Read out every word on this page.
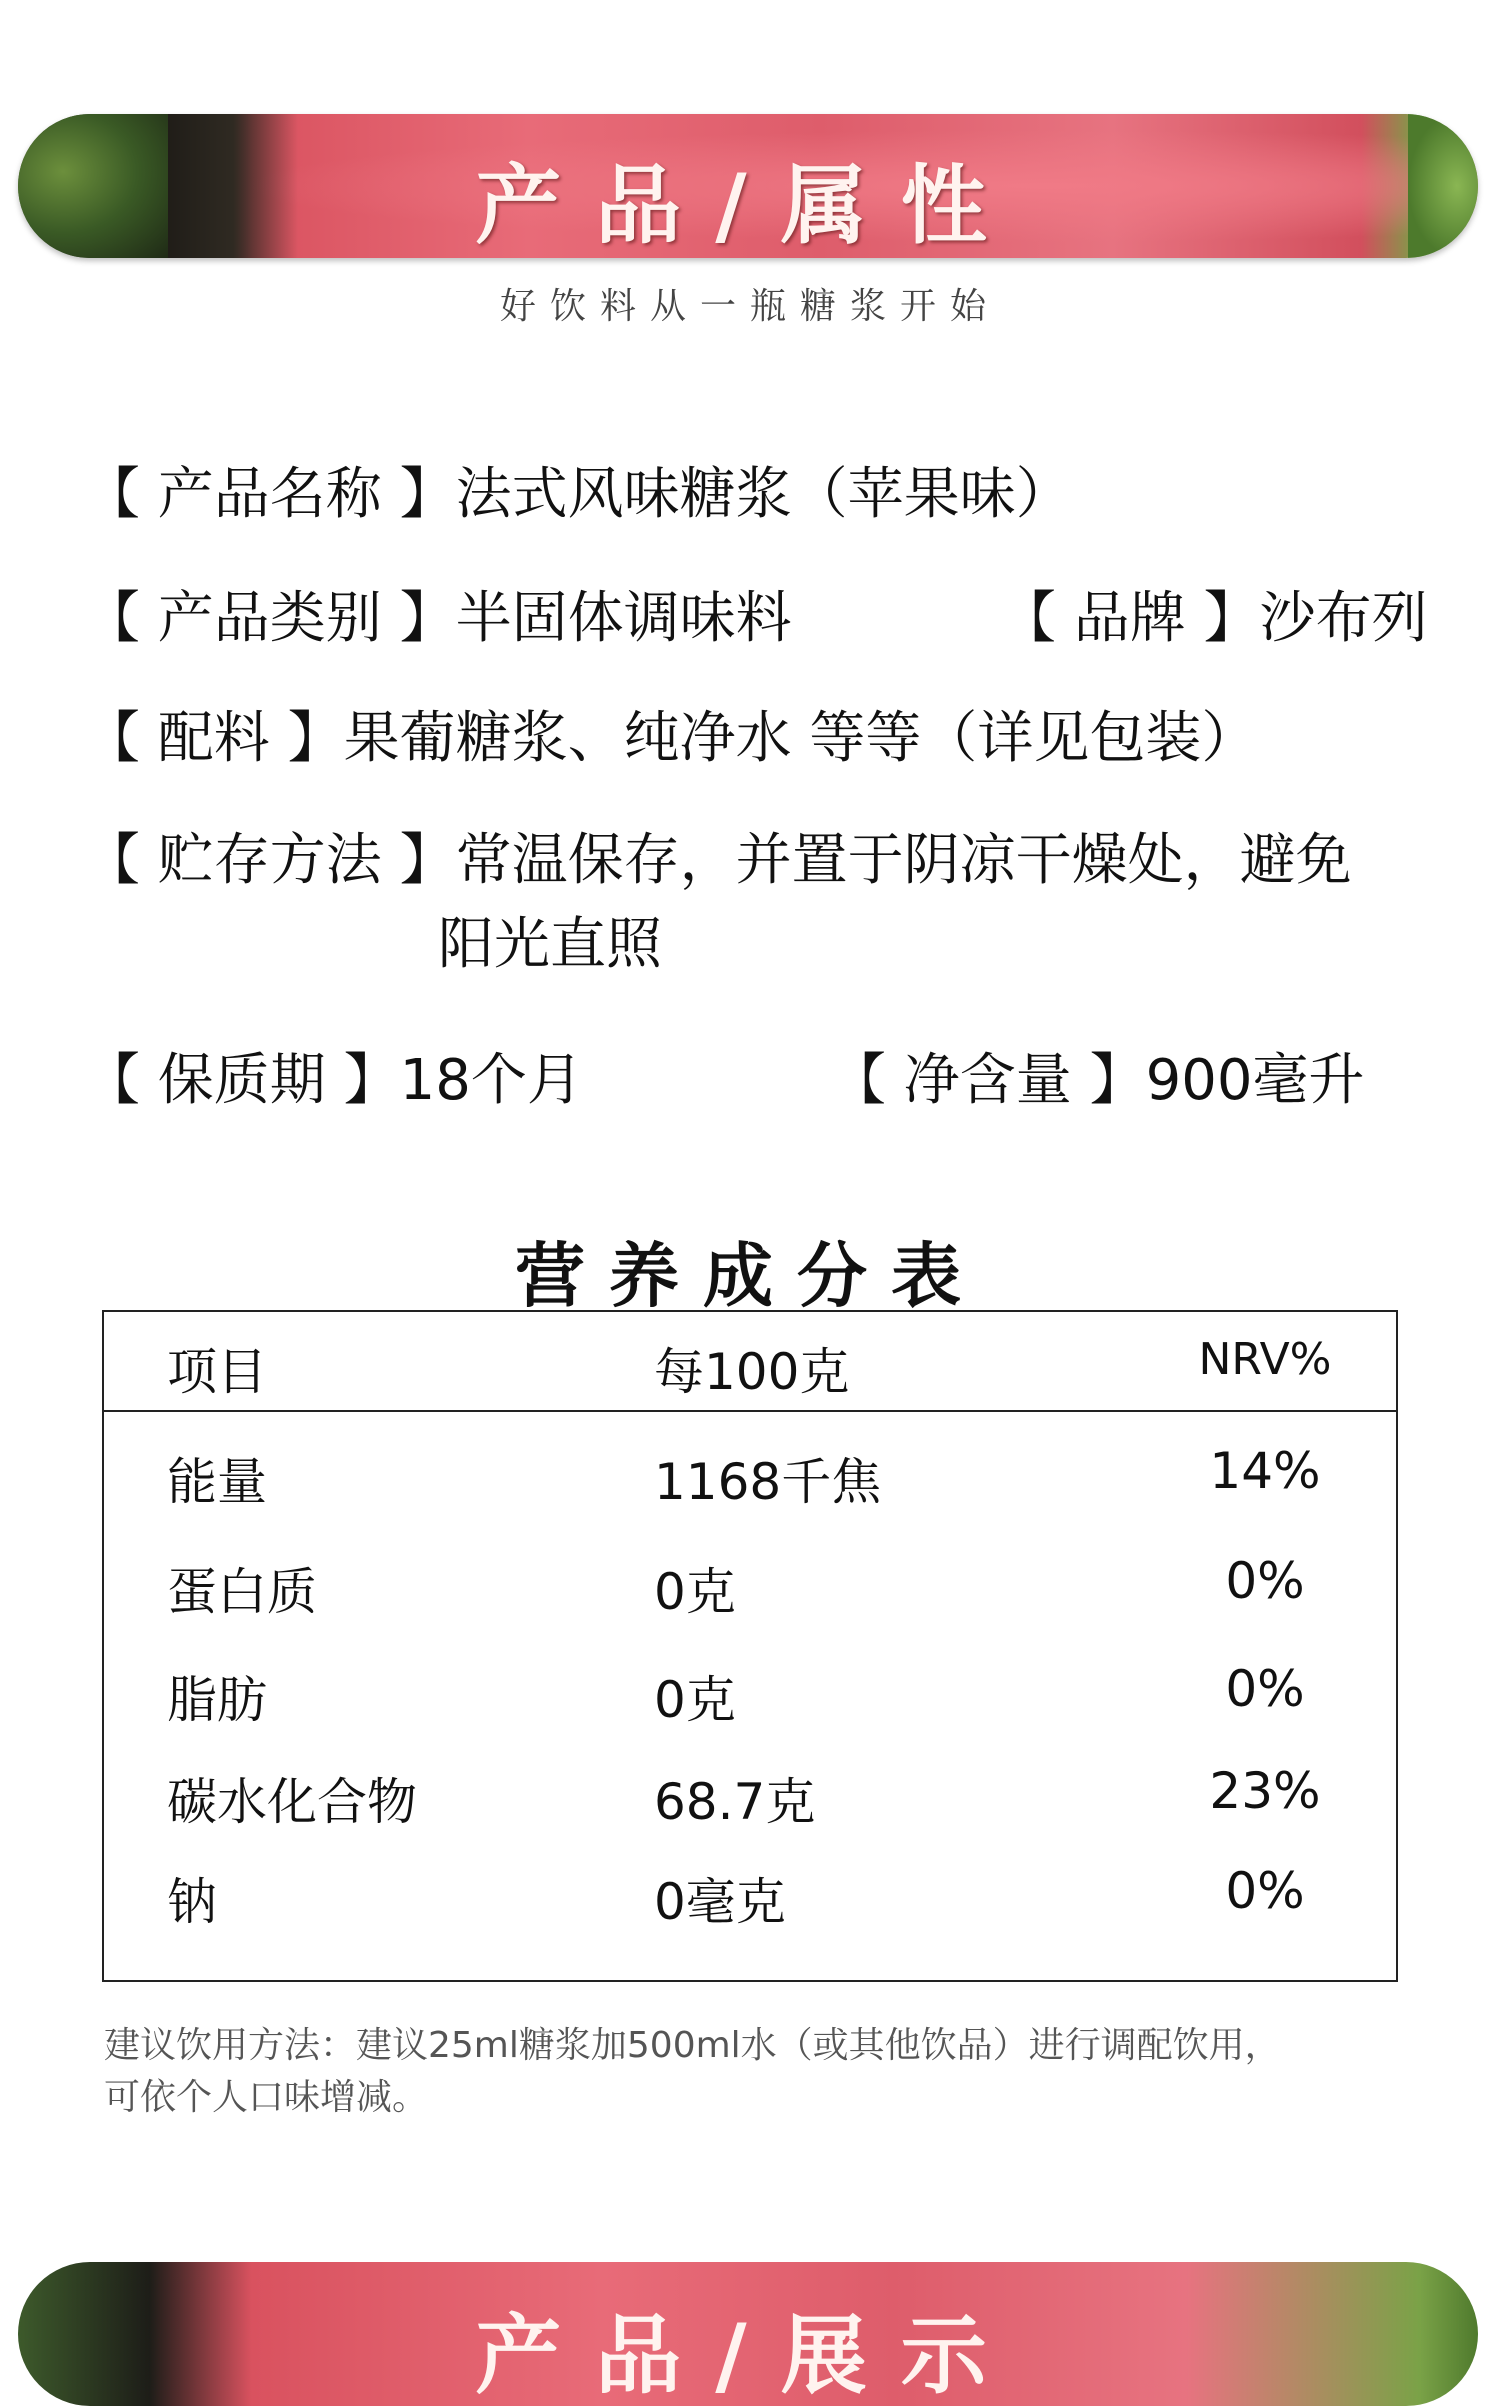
产品/属性
好饮料从一瓶糖浆开始
【 产品名称 】法式风味糖浆（苹果味）
【 产品类别 】半固体调味料	【 品牌 】沙布列
【 配料 】果葡糖浆、纯净水 等等（详见包装）
【 贮存方法 】常温保存，并置于阴凉干燥处，避免
阳光直照
【 保质期 】18个月	【 净含量 】900毫升
营养成分表
项目	每100克	NRV%
能量	1168千焦	14%
蛋白质	0克	0%
脂肪	0克	0%
碳水化合物	68.7克	23%
钠	0毫克	0%
建议饮用方法：建议25ml糖浆加500ml水（或其他饮品）进行调配饮用，
可依个人口味增减。
产品/展示
